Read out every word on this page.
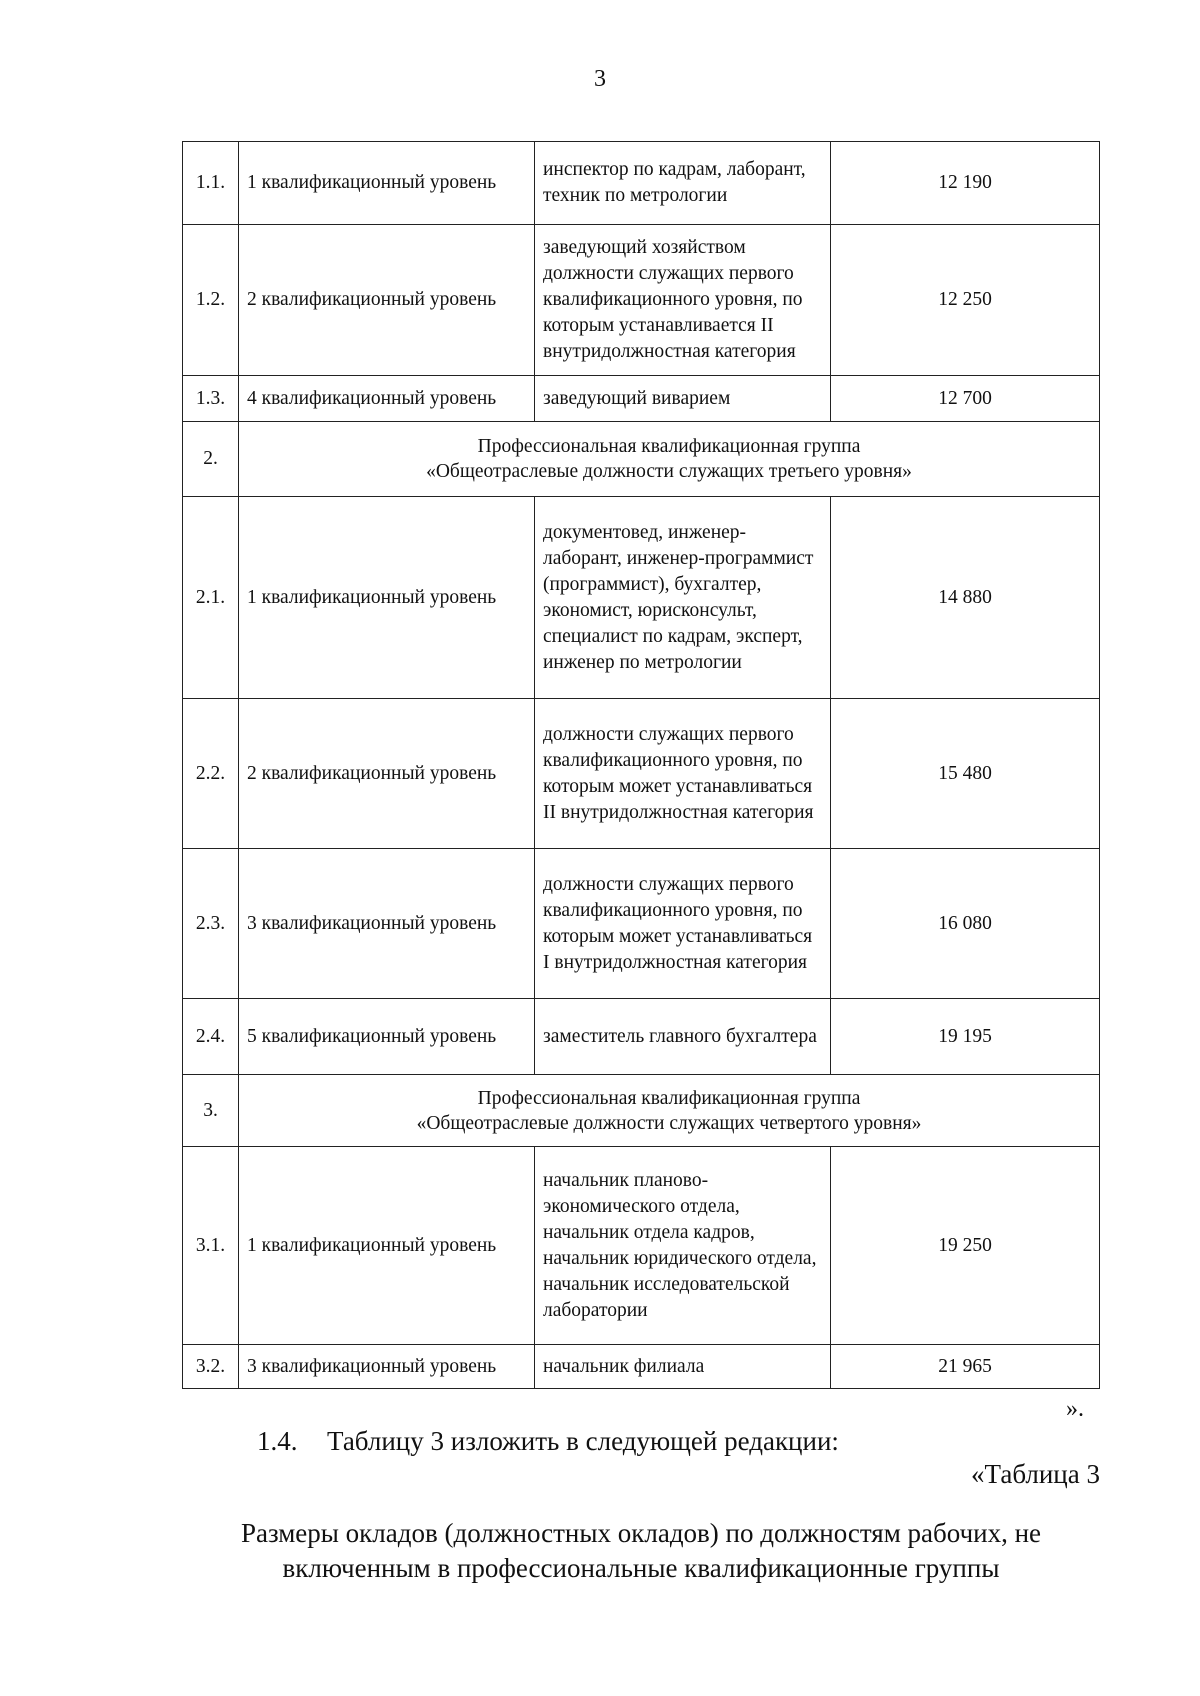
3
1.1.	1 квалификационный уровень	инспектор по кадрам, лаборант, техник по метрологии	12 190
1.2.	2 квалификационный уровень	заведующий хозяйством должности служащих первого квалификационного уровня, по которым устанавливается II внутридолжностная категория	12 250
1.3.	4 квалификационный уровень	заведующий виварием	12 700
2.	Профессиональная квалификационная группа
«Общеотраслевые должности служащих третьего уровня»		

2.1.	1 квалификационный уровень	документовед, инженер-лаборант, инженер-программист (программист), бухгалтер, экономист, юрисконсульт, специалист по кадрам, эксперт, инженер по метрологии	14 880
2.2.	2 квалификационный уровень	должности служащих первого квалификационного уровня, по которым может устанавливаться II внутридолжностная категория	15 480
2.3.	3 квалификационный уровень	должности служащих первого квалификационного уровня, по которым может устанавливаться I внутридолжностная категория	16 080
2.4.	5 квалификационный уровень	заместитель главного бухгалтера	19 195
3.	Профессиональная квалификационная группа
«Общеотраслевые должности служащих четвертого уровня»		

3.1.	1 квалификационный уровень	начальник планово-экономического отдела, начальник отдела кадров, начальник юридического отдела, начальник исследовательской лаборатории	19 250
3.2.	3 квалификационный уровень	начальник филиала	21 965
».
1.4. Таблицу 3 изложить в следующей редакции:
«Таблица 3
Размеры окладов (должностных окладов) по должностям рабочих, не
включенным в профессиональные квалификационные группы
